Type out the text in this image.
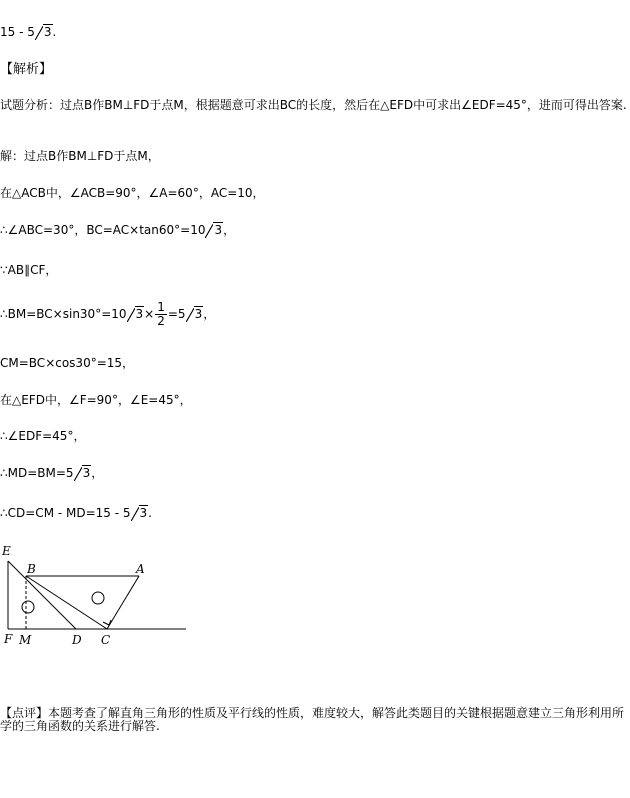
15 - 5 3.
【解析】
试题分析：过点B作BM⊥FD于点M，根据题意可求出BC的长度，然后在△EFD中可求出∠EDF=45°，进而可得出答案.
解：过点B作BM⊥FD于点M，
在△ACB中，∠ACB=90°，∠A=60°，AC=10，
∴∠ABC=30°，BC=AC×tan60°=10 3，
∵AB∥CF，
∴BM=BC×sin30°=10 $3\times \frac{1}{2} =5$ 3，
CM=BC×cos30°=15，
在△EFD中，∠F=90°，∠E=45°，
∴∠EDF=45°，
∴MD=BM=5 3，
∴CD=CM - MD=15 - 5 3.
E
B	A
F M	D C
【点评】本题考查了解直角三角形的性质及平行线的性质，难度较大，解答此类题目的关键根据题意建立三角形利用所学的三角函数的关系进行解答.
